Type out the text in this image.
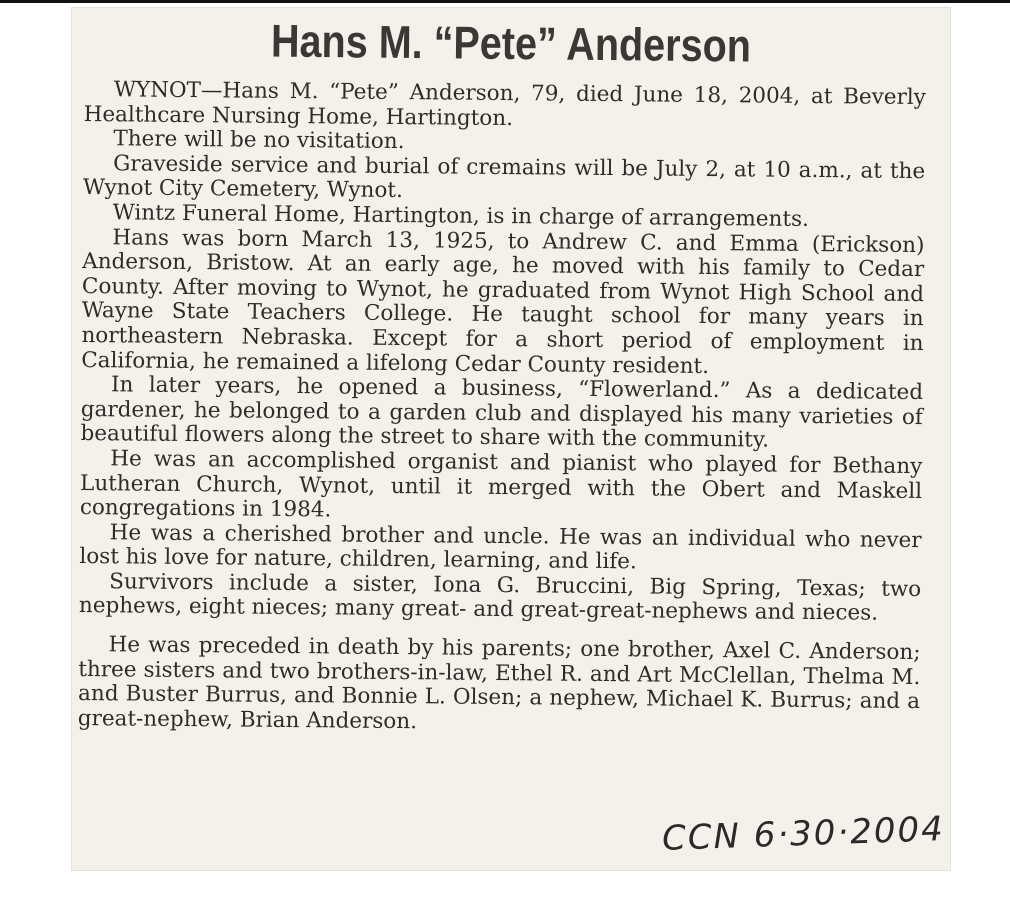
Hans M. “Pete” Anderson

WYNOT—Hans M. “Pete” Anderson, 79, died June 18, 2004, at Beverly Healthcare Nursing Home, Hartington.

There will be no visitation.

Graveside service and burial of cremains will be July 2, at 10 a.m., at the Wynot City Cemetery, Wynot.

Wintz Funeral Home, Hartington, is in charge of arrangements.

Hans was born March 13, 1925, to Andrew C. and Emma (Erickson) Anderson, Bristow. At an early age, he moved with his family to Cedar County. After moving to Wynot, he graduated from Wynot High School and Wayne State Teachers College. He taught school for many years in northeastern Nebraska. Except for a short period of employment in California, he remained a lifelong Cedar County resident.

In later years, he opened a business, “Flowerland.” As a dedicated gardener, he belonged to a garden club and displayed his many varieties of beautiful flowers along the street to share with the community.

He was an accomplished organist and pianist who played for Bethany Lutheran Church, Wynot, until it merged with the Obert and Maskell congregations in 1984.

He was a cherished brother and uncle. He was an individual who never lost his love for nature, children, learning, and life.

Survivors include a sister, Iona G. Bruccini, Big Spring, Texas; two nephews, eight nieces; many great- and great-great-nephews and nieces.

He was preceded in death by his parents; one brother, Axel C. Anderson; three sisters and two brothers-in-law, Ethel R. and Art McClellan, Thelma M. and Buster Burrus, and Bonnie L. Olsen; a nephew, Michael K. Burrus; and a great-nephew, Brian Anderson.

CCN 6·30·2004
